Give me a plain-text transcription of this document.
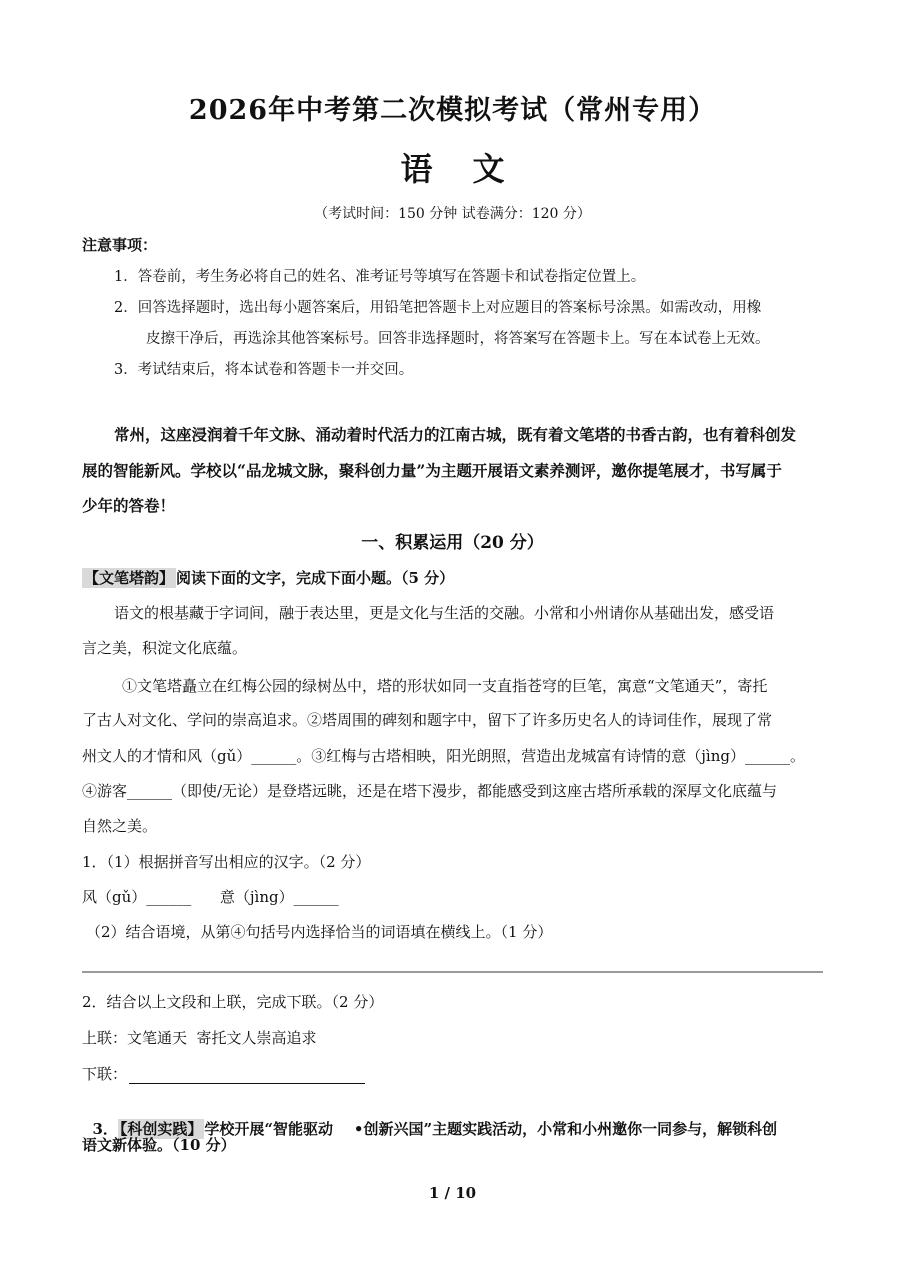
2026年中考第二次模拟考试（常州专用）
语 文
（考试时间：150 分钟 试卷满分：120 分）
注意事项：
1．答卷前，考生务必将自己的姓名、准考证号等填写在答题卡和试卷指定位置上。
2．回答选择题时，选出每小题答案后，用铅笔把答题卡上对应题目的答案标号涂黑。如需改动，用橡
皮擦干净后，再选涂其他答案标号。回答非选择题时，将答案写在答题卡上。写在本试卷上无效。
3．考试结束后，将本试卷和答题卡一并交回。
常州，这座浸润着千年文脉、涌动着时代活力的江南古城，既有着文笔塔的书香古韵，也有着科创发
展的智能新风。学校以“品龙城文脉，聚科创力量”为主题开展语文素养测评，邀你提笔展才，书写属于
少年的答卷！
一、积累运用（20 分）
【文笔塔韵】 阅读下面的文字，完成下面小题。（5 分）
语文的根基藏于字词间，融于表达里，更是文化与生活的交融。小常和小州请你从基础出发，感受语
言之美，积淀文化底蕴。
①文笔塔矗立在红梅公园的绿树丛中，塔的形状如同一支直指苍穹的巨笔，寓意“文笔通天”，寄托
了古人对文化、学问的崇高追求。②塔周围的碑刻和题字中，留下了许多历史名人的诗词佳作，展现了常
州文人的才情和风（gǔ）______。③红梅与古塔相映，阳光朗照，营造出龙城富有诗情的意（jìng）______。
④游客______（即使/无论）是登塔远眺，还是在塔下漫步，都能感受到这座古塔所承载的深厚文化底蕴与
自然之美。
1．（1）根据拼音写出相应的汉字。（2 分）
风（gǔ）______      意（jìng）______
（2）结合语境，从第④句括号内选择恰当的词语填在横线上。（1 分）
2．结合以上文段和上联，完成下联。（2 分）
上联：文笔通天  寄托文人崇高追求
下联：

3． 【科创实践】 学校开展“智能驱动    •创新兴国”主题实践活动，小常和小州邀你一同参与，解锁科创

语文新体验。（10 分）
1 / 10
